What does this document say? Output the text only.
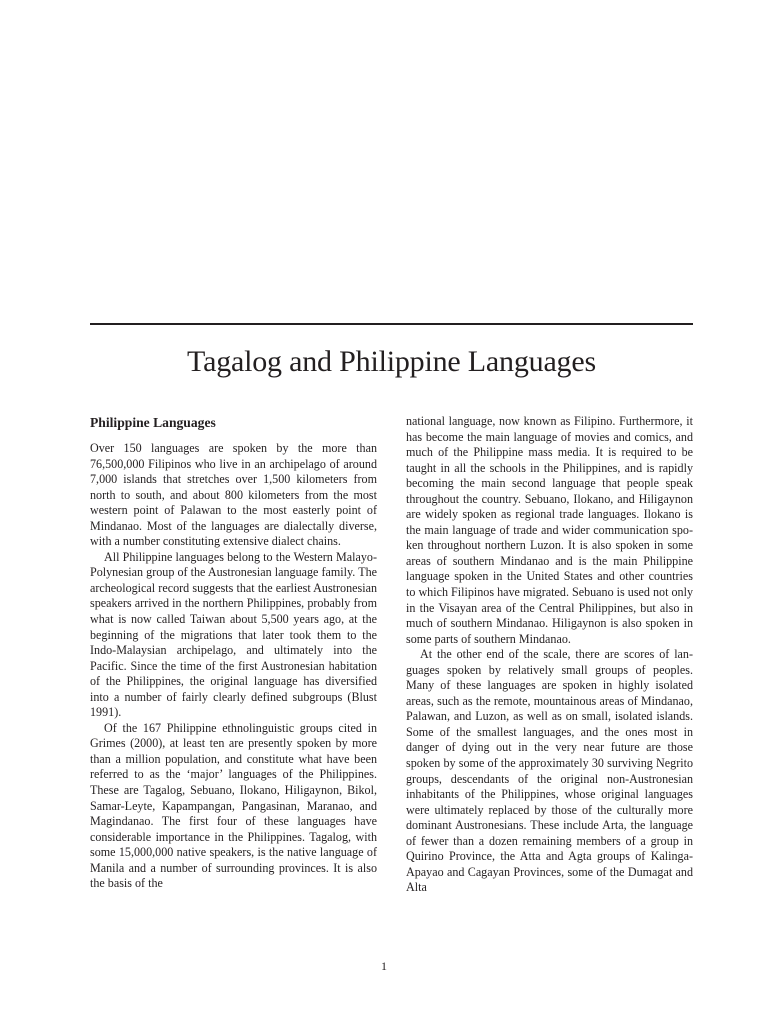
Tagalog and Philippine Languages
Philippine Languages

Over 150 languages are spoken by the more than 76,500,000 Filipinos who live in an archipelago of around 7,000 islands that stretches over 1,500 kilometers from north to south, and about 800 kilometers from the most western point of Palawan to the most easterly point of Mindanao. Most of the languages are dialectally diverse, with a number constituting extensive dialect chains.

All Philippine languages belong to the Western Malayo-Polynesian group of the Austronesian language family. The archeological record suggests that the earliest Austronesian speakers arrived in the northern Philippines, probably from what is now called Taiwan about 5,500 years ago, at the beginning of the migrations that later took them to the Indo-Malaysian archipelago, and ultimately into the Pacific. Since the time of the first Austronesian habitation of the Philippines, the original language has diversified into a number of fairly clearly defined subgroups (Blust 1991).

Of the 167 Philippine ethnolinguistic groups cited in Grimes (2000), at least ten are presently spoken by more than a million population, and constitute what have been referred to as the ‘major’ languages of the Philippines. These are Tagalog, Sebuano, Ilokano, Hiligaynon, Bikol, Samar-Leyte, Kapampangan, Pangasinan, Maranao, and Magindanao. The first four of these languages have considerable importance in the Philippines. Tagalog, with some 15,000,000 native speakers, is the native language of Manila and a number of surrounding provinces. It is also the basis of the

national language, now known as Filipino. Furthermore, it has become the main language of movies and comics, and much of the Philippine mass media. It is required to be taught in all the schools in the Philippines, and is rapidly becoming the main second language that people speak throughout the country. Sebuano, Ilokano, and Hiligaynon are widely spoken as regional trade languages. Ilokano is the main language of trade and wider communication spoken throughout northern Luzon. It is also spoken in some areas of southern Mindanao and is the main Philippine language spoken in the United States and other countries to which Filipinos have migrated. Sebuano is used not only in the Visayan area of the Central Philippines, but also in much of southern Mindanao. Hiligaynon is also spoken in some parts of southern Mindanao.

At the other end of the scale, there are scores of languages spoken by relatively small groups of peoples. Many of these languages are spoken in highly isolated areas, such as the remote, mountainous areas of Mindanao, Palawan, and Luzon, as well as on small, isolated islands. Some of the smallest languages, and the ones most in danger of dying out in the very near future are those spoken by some of the approximately 30 surviving Negrito groups, descendants of the original non-Austronesian inhabitants of the Philippines, whose original languages were ultimately replaced by those of the culturally more dominant Austronesians. These include Arta, the language of fewer than a dozen remaining members of a group in Quirino Province, the Atta and Agta groups of Kalinga-Apayao and Cagayan Provinces, some of the Dumagat and Alta

1
